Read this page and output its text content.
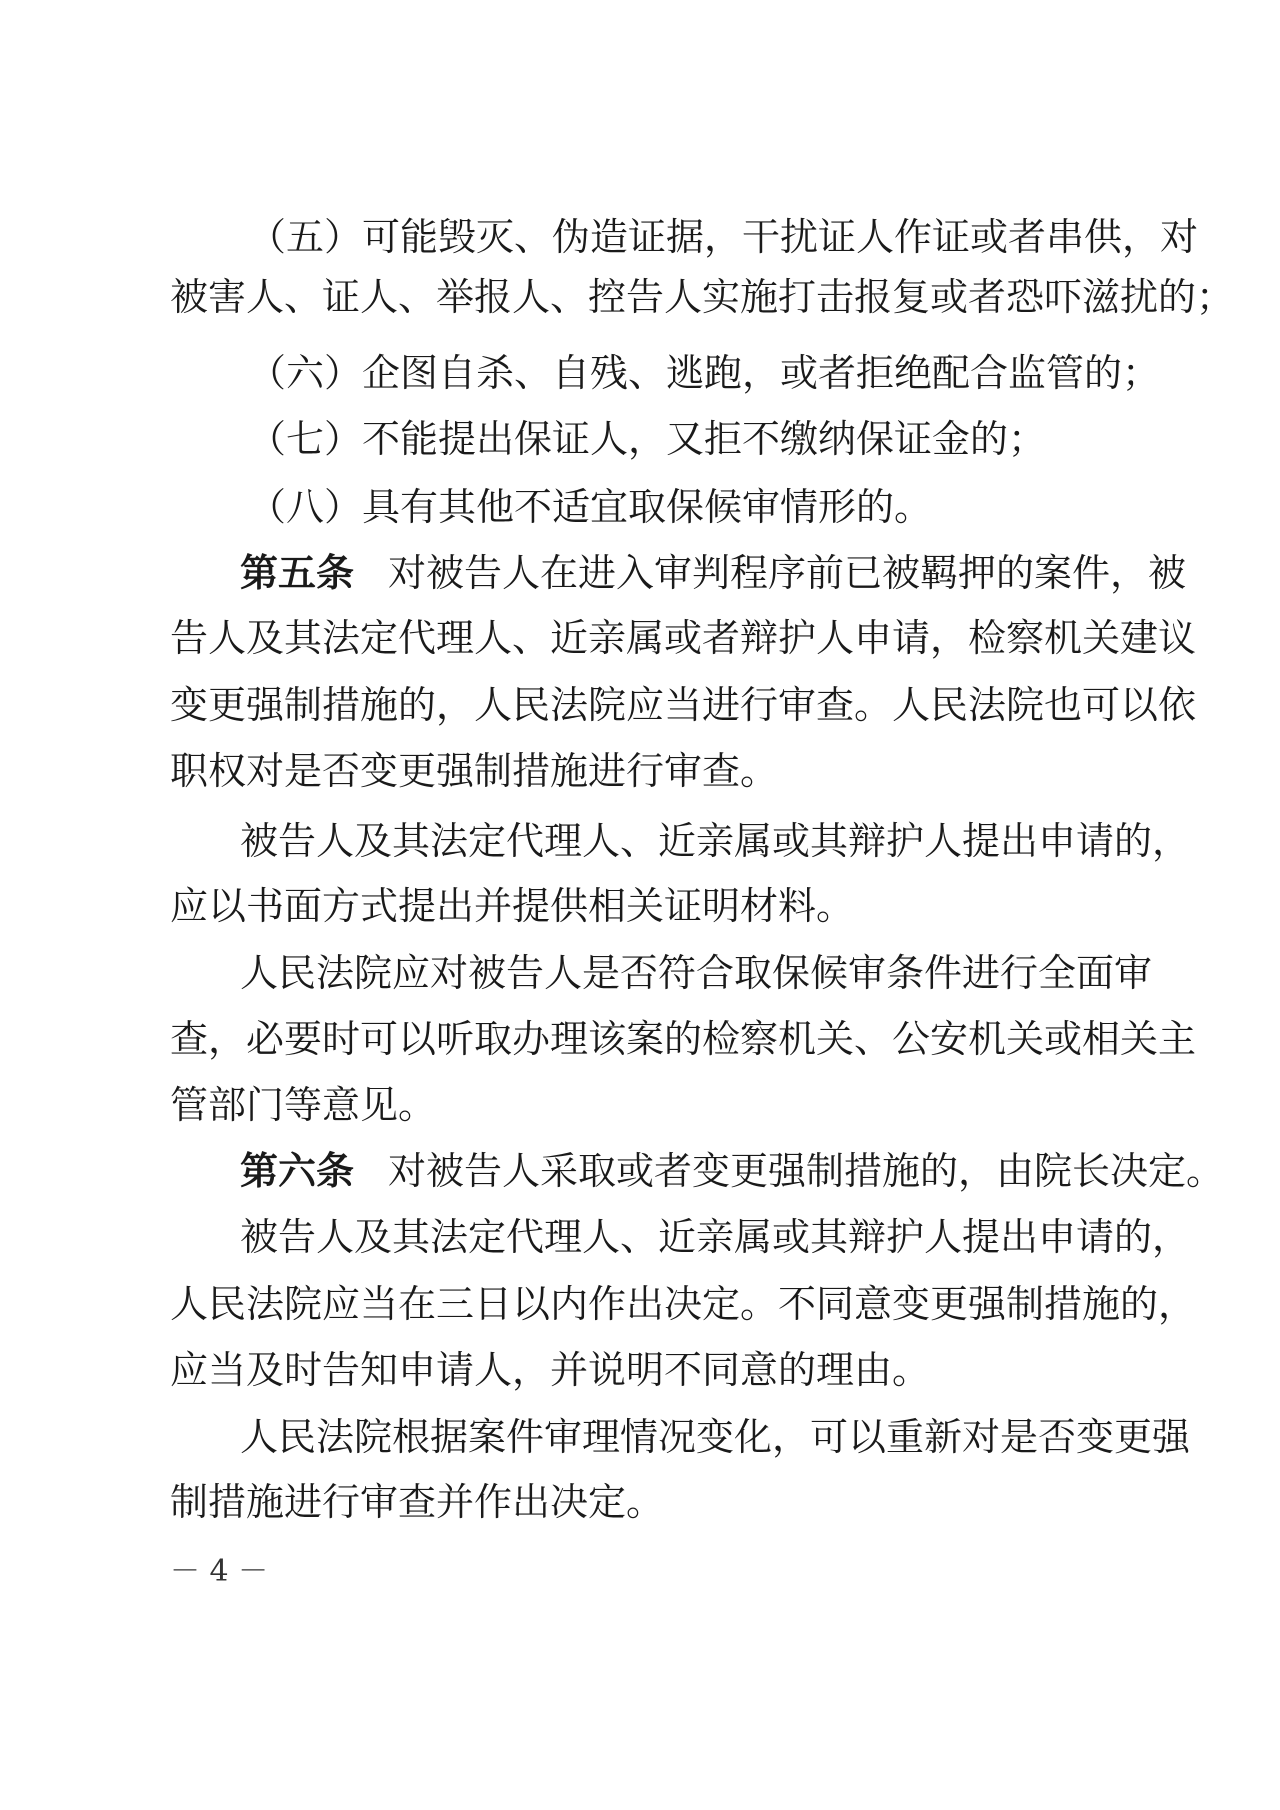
（五）可能毁灭、伪造证据，干扰证人作证或者串供，对
被害人、证人、举报人、控告人实施打击报复或者恐吓滋扰的；
（六）企图自杀、自残、逃跑，或者拒绝配合监管的；
（七）不能提出保证人，又拒不缴纳保证金的；
（八）具有其他不适宜取保候审情形的。
第五条 对被告人在进入审判程序前已被羁押的案件，被
告人及其法定代理人、近亲属或者辩护人申请，检察机关建议
变更强制措施的，人民法院应当进行审查。人民法院也可以依
职权对是否变更强制措施进行审查。
被告人及其法定代理人、近亲属或其辩护人提出申请的，
应以书面方式提出并提供相关证明材料。
人民法院应对被告人是否符合取保候审条件进行全面审
查，必要时可以听取办理该案的检察机关、公安机关或相关主
管部门等意见。
第六条 对被告人采取或者变更强制措施的，由院长决定。
被告人及其法定代理人、近亲属或其辩护人提出申请的，
人民法院应当在三日以内作出决定。不同意变更强制措施的，
应当及时告知申请人，并说明不同意的理由。
人民法院根据案件审理情况变化，可以重新对是否变更强
制措施进行审查并作出决定。
－ 4 －
